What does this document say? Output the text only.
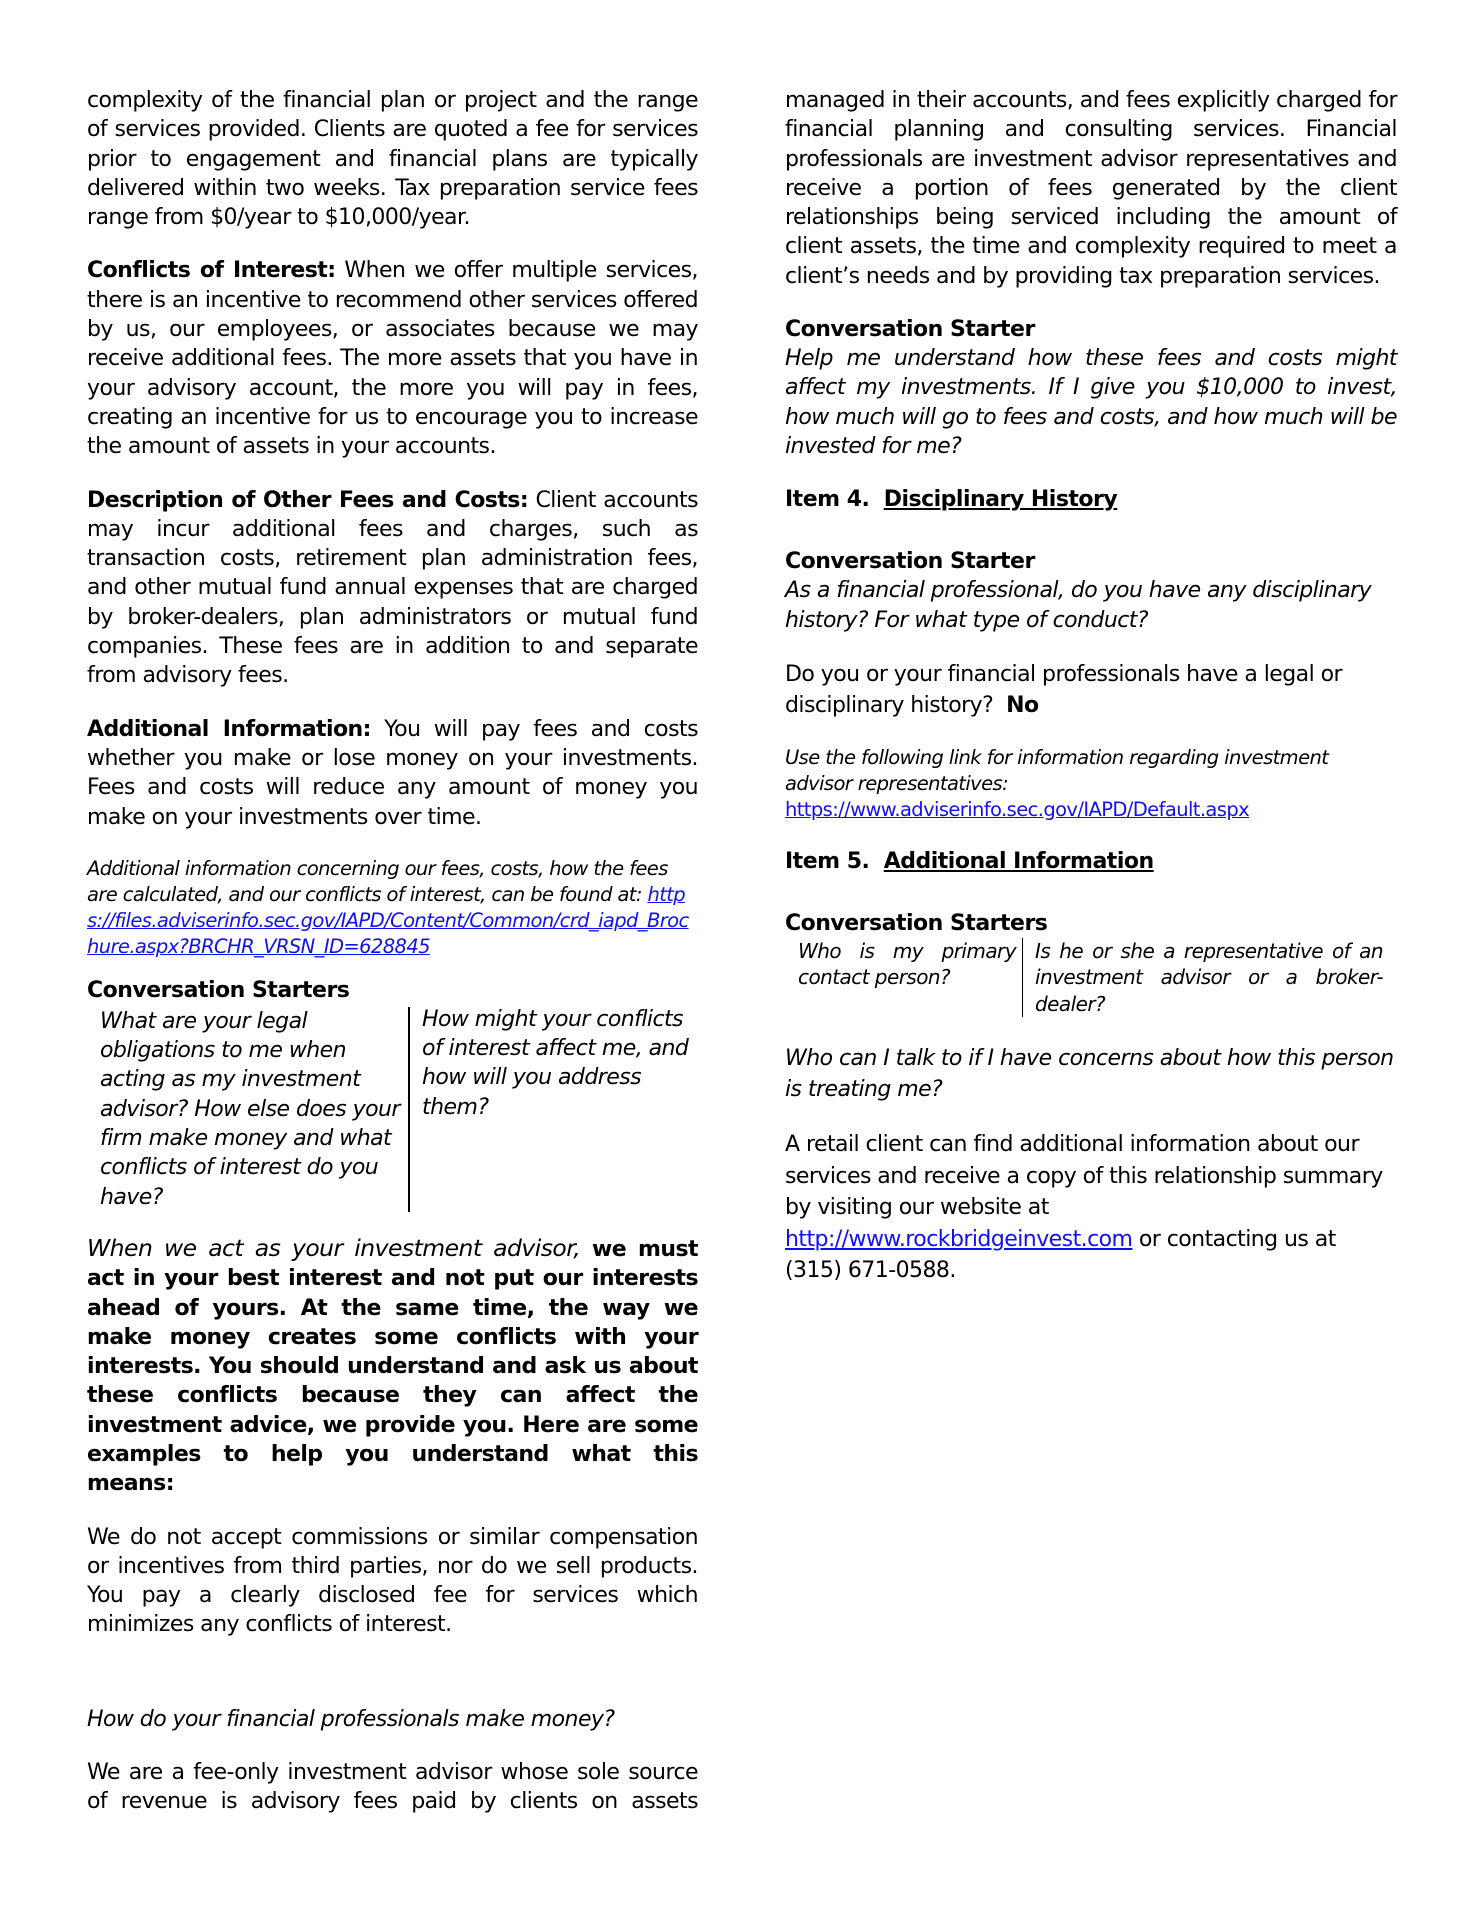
complexity of the financial plan or project and the range of services provided. Clients are quoted a fee for services prior to engagement and financial plans are typically delivered within two weeks. Tax preparation service fees range from $0/year to $10,000/year.

Conflicts of Interest: When we offer multiple services, there is an incentive to recommend other services offered by us, our employees, or associates because we may receive additional fees. The more assets that you have in your advisory account, the more you will pay in fees, creating an incentive for us to encourage you to increase the amount of assets in your accounts.

Description of Other Fees and Costs: Client accounts may incur additional fees and charges, such as transaction costs, retirement plan administration fees, and other mutual fund annual expenses that are charged by broker-dealers, plan administrators or mutual fund companies. These fees are in addition to and separate from advisory fees.

Additional Information: You will pay fees and costs whether you make or lose money on your investments. Fees and costs will reduce any amount of money you make on your investments over time.

Additional information concerning our fees, costs, how the fees are calculated, and our conflicts of interest, can be found at: https://files.adviserinfo.sec.gov/IAPD/Content/Common/crd_iapd_Brochure.aspx?BRCHR_VRSN_ID=628845

Conversation Starters

What are your legal obligations to me when acting as my investment advisor? How else does your firm make money and what conflicts of interest do you have?
How might your conflicts of interest affect me, and how will you address them?

When we act as your investment advisor, we must act in your best interest and not put our interests ahead of yours. At the same time, the way we make money creates some conflicts with your interests. You should understand and ask us about these conflicts because they can affect the investment advice, we provide you. Here are some examples to help you understand what this means:

We do not accept commissions or similar compensation or incentives from third parties, nor do we sell products. You pay a clearly disclosed fee for services which minimizes any conflicts of interest.

How do your financial professionals make money?

We are a fee-only investment advisor whose sole source of revenue is advisory fees paid by clients on assets

managed in their accounts, and fees explicitly charged for financial planning and consulting services. Financial professionals are investment advisor representatives and receive a portion of fees generated by the client relationships being serviced including the amount of client assets, the time and complexity required to meet a client’s needs and by providing tax preparation services.

Conversation Starter

Help me understand how these fees and costs might affect my investments. If I give you $10,000 to invest, how much will go to fees and costs, and how much will be invested for me?

Item 4. Disciplinary History

Conversation Starter

As a financial professional, do you have any disciplinary history? For what type of conduct?

Do you or your financial professionals have a legal or disciplinary history? No

Use the following link for information regarding investment advisor representatives:

https://www.adviserinfo.sec.gov/IAPD/Default.aspx

Item 5. Additional Information

Conversation Starters

Who is my primary contact person?
Is he or she a representative of an investment advisor or a broker-dealer?

Who can I talk to if I have concerns about how this person is treating me?

A retail client can find additional information about our services and receive a copy of this relationship summary by visiting our website at http://www.rockbridgeinvest.com or contacting us at (315) 671-0588.
